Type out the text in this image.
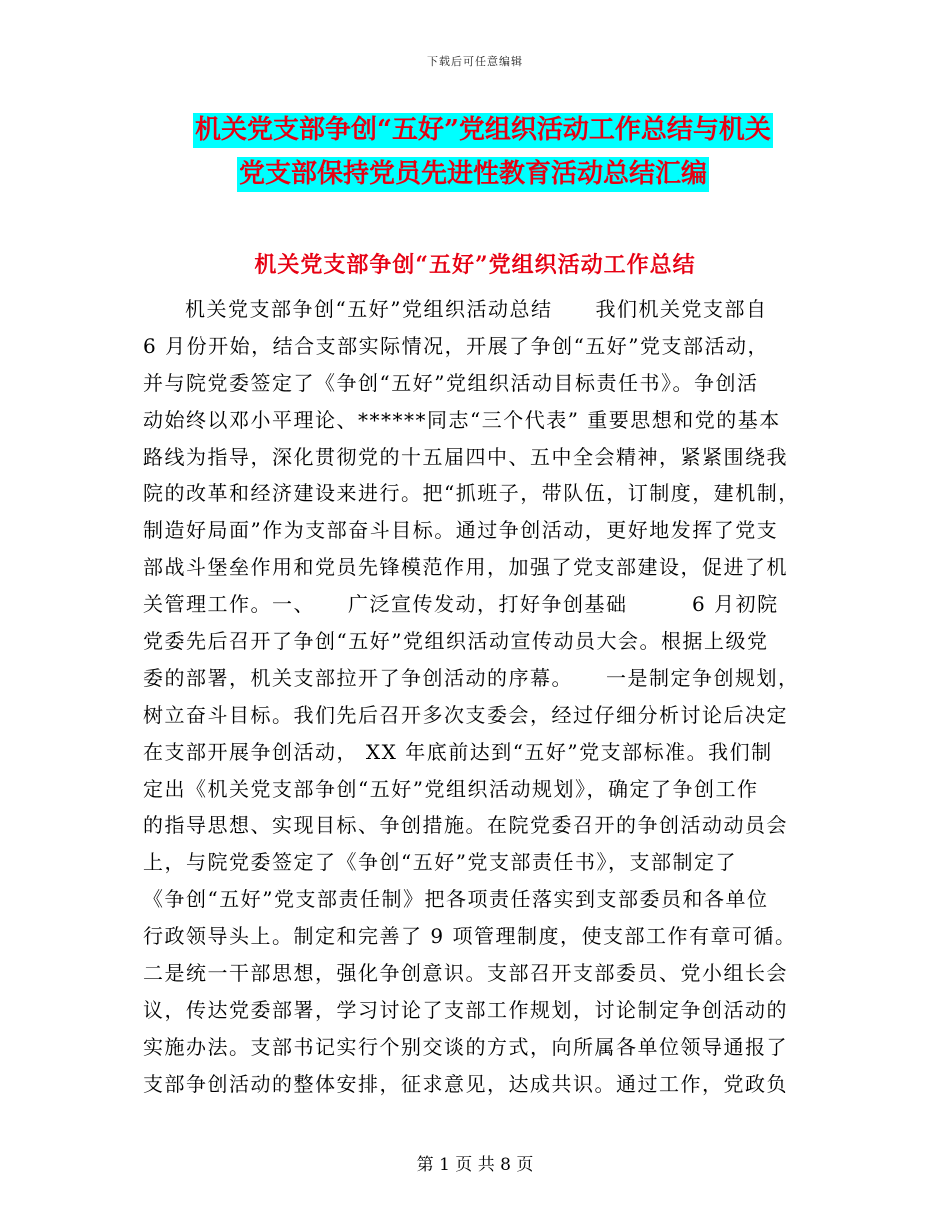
下载后可任意编辑
机关党支部争创“五好”党组织活动工作总结与机关
党支部保持党员先进性教育活动总结汇编
机关党支部争创“五好”党组织活动工作总结
机关党支部争创“五好”党组织活动总结　　我们机关党支部自
6 月份开始，结合支部实际情况，开展了争创“五好”党支部活动，
并与院党委签定了《争创“五好”党组织活动目标责任书》。争创活
动始终以邓小平理论、******同志“三个代表” 重要思想和党的基本
路线为指导，深化贯彻党的十五届四中、五中全会精神，紧紧围绕我
院的改革和经济建设来进行。把“抓班子，带队伍，订制度，建机制，
制造好局面”作为支部奋斗目标。通过争创活动，更好地发挥了党支
部战斗堡垒作用和党员先锋模范作用，加强了党支部建设，促进了机
关管理工作。一、　　广泛宣传发动，打好争创基础　　　6 月初院
党委先后召开了争创“五好”党组织活动宣传动员大会。根据上级党
委的部署，机关支部拉开了争创活动的序幕。　　一是制定争创规划，
树立奋斗目标。我们先后召开多次支委会，经过仔细分析讨论后决定
在支部开展争创活动， XX 年底前达到“五好”党支部标准。我们制
定出《机关党支部争创“五好”党组织活动规划》，确定了争创工作
的指导思想、实现目标、争创措施。在院党委召开的争创活动动员会
上，与院党委签定了《争创“五好”党支部责任书》，支部制定了
《争创“五好”党支部责任制》把各项责任落实到支部委员和各单位
行政领导头上。制定和完善了 9 项管理制度，使支部工作有章可循。
二是统一干部思想，强化争创意识。支部召开支部委员、党小组长会
议，传达党委部署，学习讨论了支部工作规划，讨论制定争创活动的
实施办法。支部书记实行个别交谈的方式，向所属各单位领导通报了
支部争创活动的整体安排，征求意见，达成共识。通过工作，党政负
第 1 页 共 8 页
